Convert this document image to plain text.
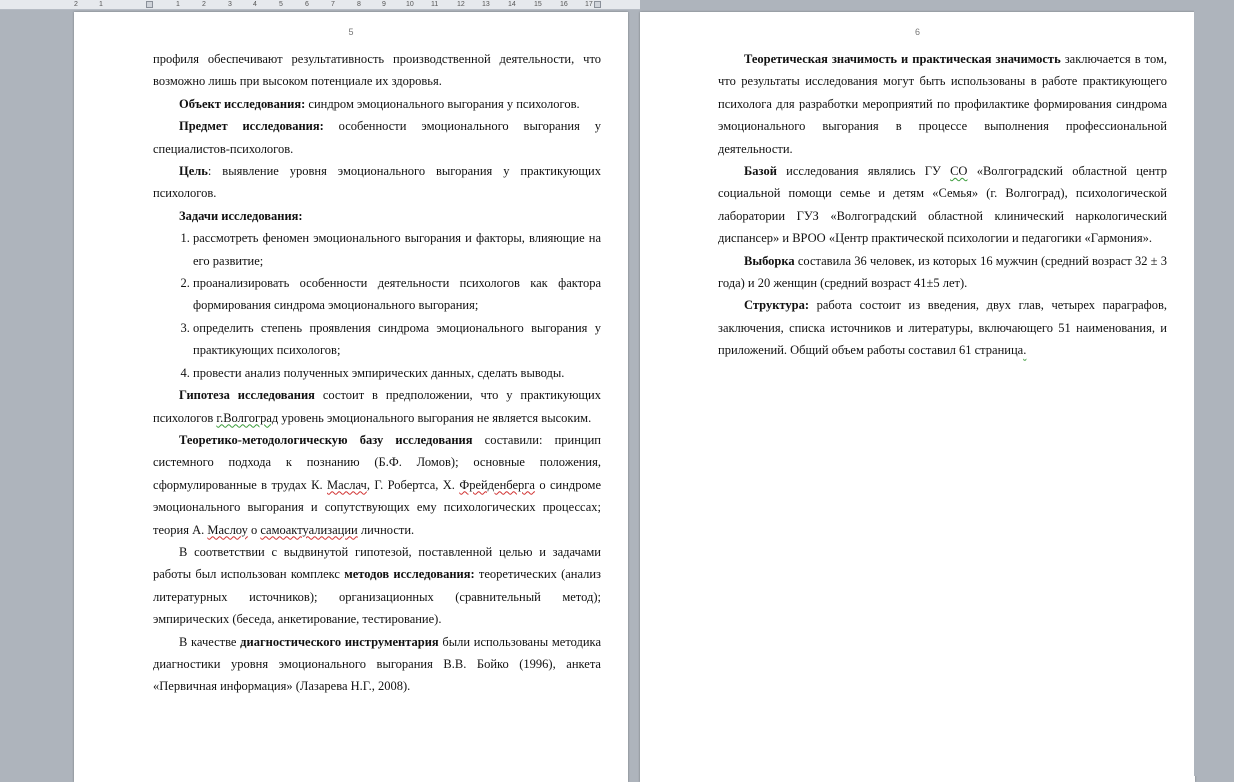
2	1	1	2	3	4	5	6	7	8	9	10 11	12 13	14	15	16 17
5

профиля обеспечивают результативность производственной деятельности, что возможно лишь при высоком потенциале их здоровья.

Объект исследования: синдром эмоционального выгорания у психологов.

Предмет исследования: особенности эмоционального выгорания у специалистов-психологов.

Цель: выявление уровня эмоционального выгорания у практикующих психологов.

Задачи исследования:

1. рассмотреть феномен эмоционального выгорания и факторы, влияющие на его развитие;
2. проанализировать особенности деятельности психологов как фактора формирования синдрома эмоционального выгорания;
3. определить степень проявления синдрома эмоционального выгорания у практикующих психологов;
4. провести анализ полученных эмпирических данных, сделать выводы.

Гипотеза исследования состоит в предположении, что у практикующих психологов г.Волгоград уровень эмоционального выгорания не является высоким.

Теоретико-методологическую базу исследования составили: принцип системного подхода к познанию (Б.Ф. Ломов); основные положения, сформулированные в трудах К. Маслач, Г. Робертса, Х. Фрейденберга о синдроме эмоционального выгорания и сопутствующих ему психологических процессах; теория А. Маслоу о самоактуализации личности.

В соответствии с выдвинутой гипотезой, поставленной целью и задачами работы был использован комплекс методов исследования: теоретических (анализ литературных источников); организационных (сравнительный метод); эмпирических (беседа, анкетирование, тестирование).

В качестве диагностического инструментария были использованы методика диагностики уровня эмоционального выгорания В.В. Бойко (1996), анкета «Первичная информация» (Лазарева Н.Г., 2008).

6

Теоретическая значимость и практическая значимость заключается в том, что результаты исследования могут быть использованы в работе практикующего психолога для разработки мероприятий по профилактике формирования синдрома эмоционального выгорания в процессе выполнения профессиональной деятельности.

Базой исследования являлись ГУ СО «Волгоградский областной центр социальной помощи семье и детям «Семья» (г. Волгоград), психологической лаборатории ГУЗ «Волгоградский областной клинический наркологический диспансер» и ВРОО «Центр практической психологии и педагогики «Гармония».

Выборка составила 36 человек, из которых 16 мужчин (средний возраст 32 ± 3 года) и 20 женщин (средний возраст 41±5 лет).

Структура: работа состоит из введения, двух глав, четырех параграфов, заключения, списка источников и литературы, включающего 51 наименования, и приложений. Общий объем работы составил 61 страница.
